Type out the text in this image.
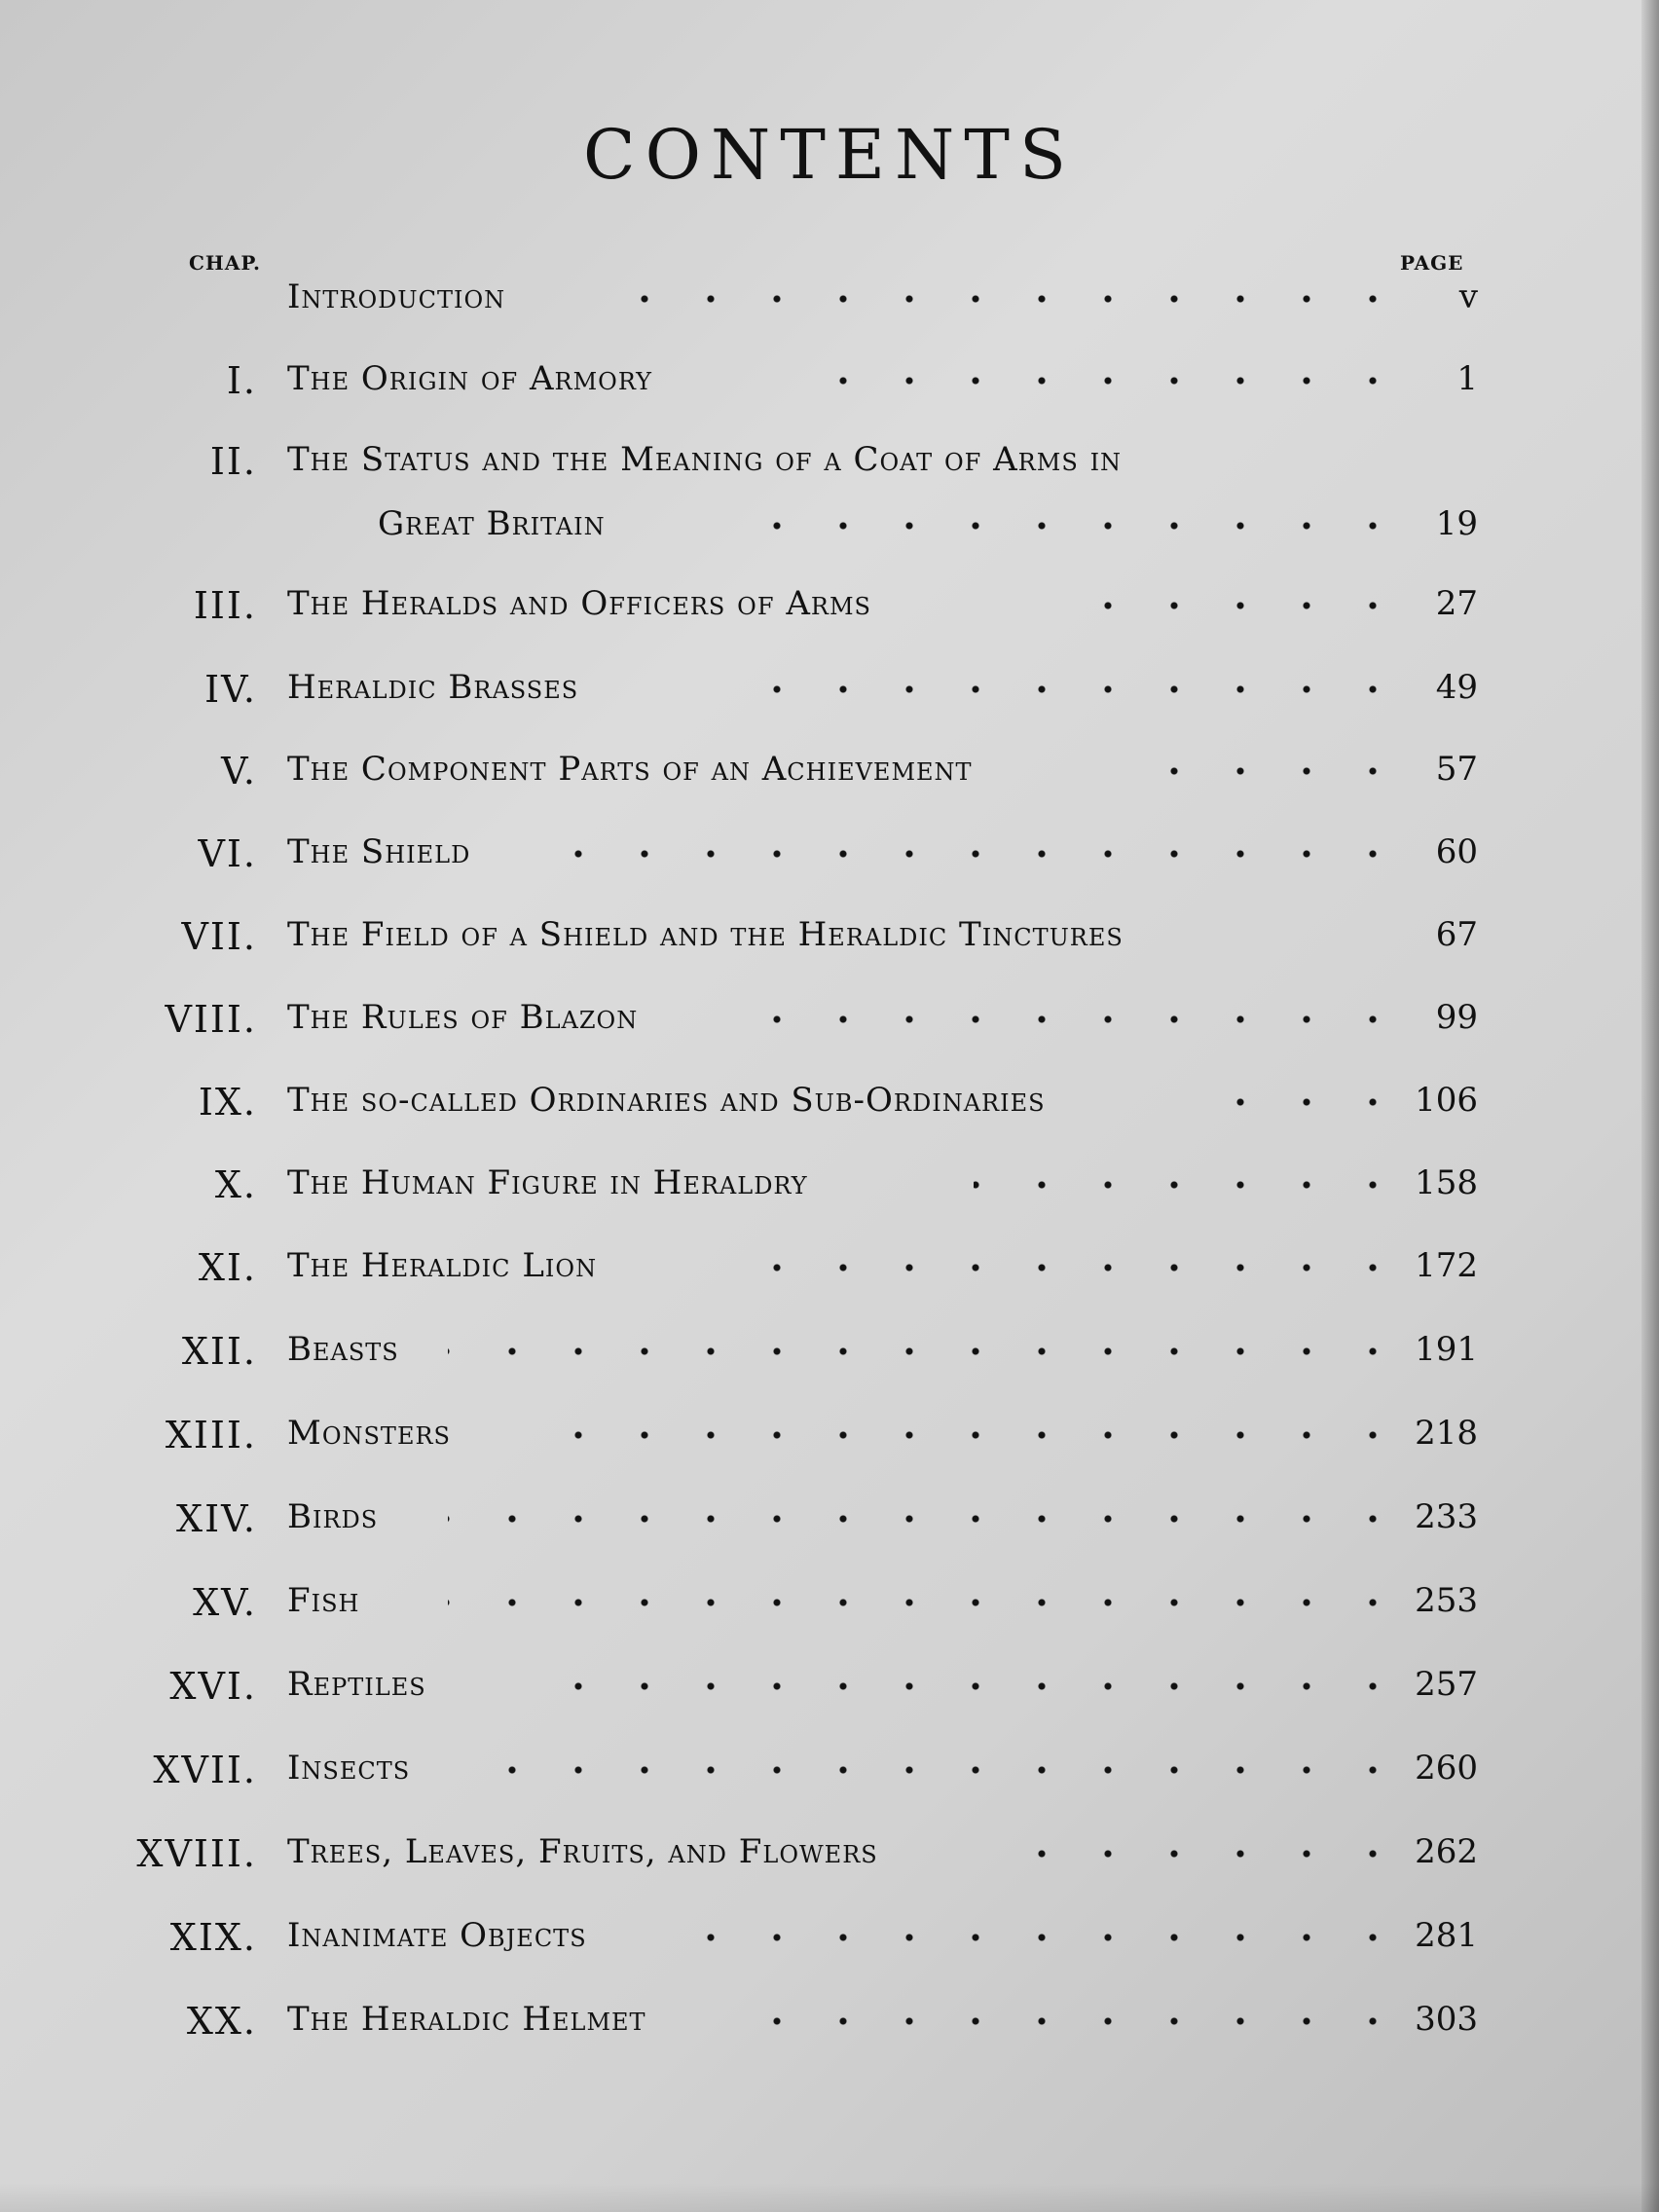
CONTENTS
CHAP.	PAGE
Introduction	v
I. The Origin of Armory	1
II. The Status and the Meaning of a Coat of Arms in
Great Britain	19
III. The Heralds and Officers of Arms	27
IV. Heraldic Brasses	49
V. The Component Parts of an Achievement	57
VI. The Shield	60
VII. The Field of a Shield and the Heraldic Tinctures	67
VIII. The Rules of Blazon	99
IX. The so-called Ordinaries and Sub-Ordinaries	106
X. The Human Figure in Heraldry	158
XI. The Heraldic Lion	172
XII. Beasts	191
XIII. Monsters	218
XIV. Birds	233
XV. Fish	253
XVI. Reptiles	257
XVII. Insects	260
XVIII. Trees, Leaves, Fruits, and Flowers	262
XIX. Inanimate Objects	281
XX. The Heraldic Helmet	303
